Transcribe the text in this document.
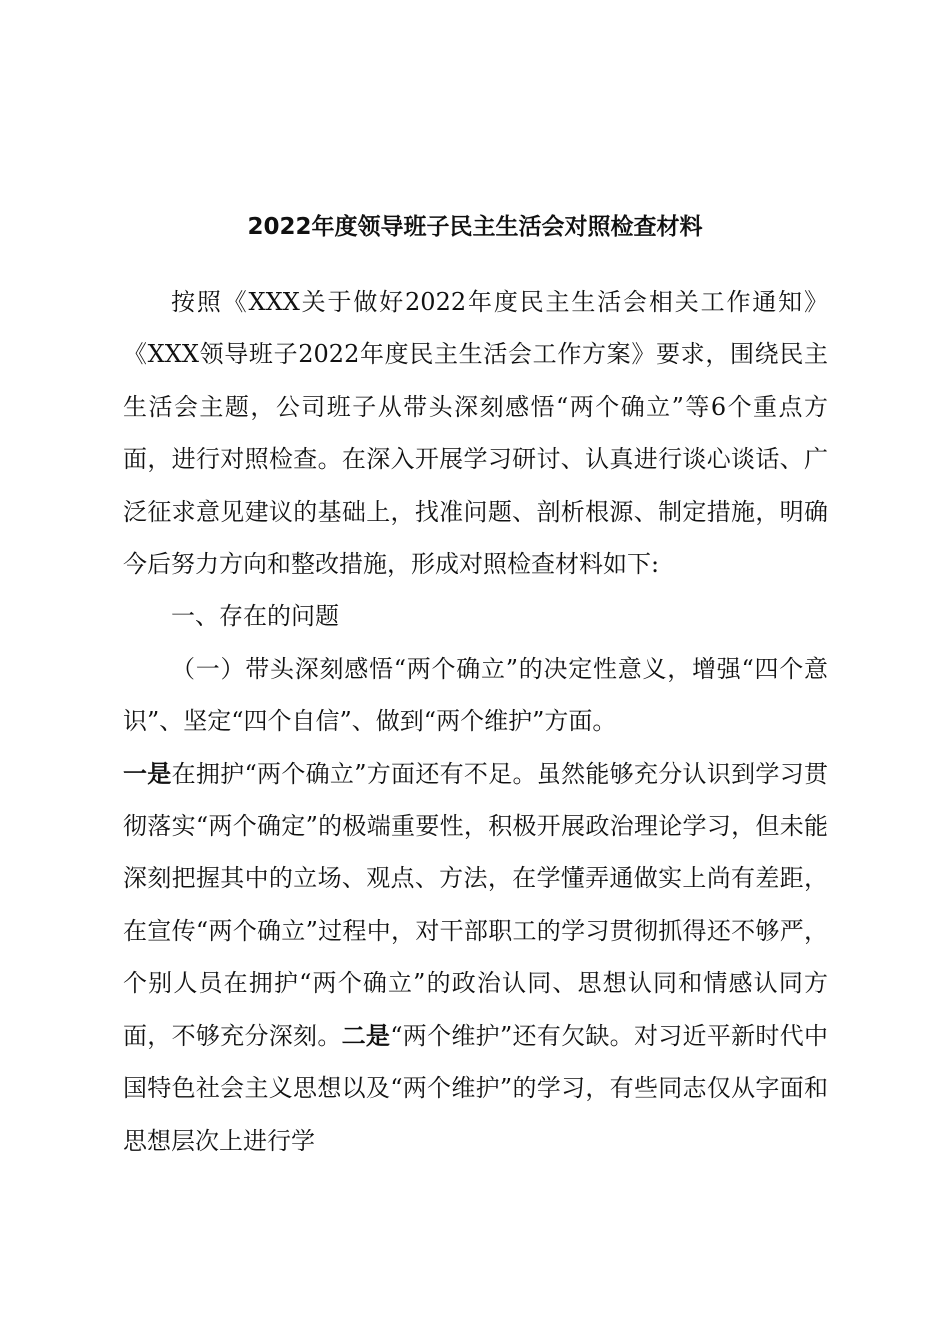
2022年度领导班子民主生活会对照检查材料

按照《XXX关于做好2022年度民主生活会相关工作通知》《XXX领导班子2022年度民主生活会工作方案》要求，围绕民主生活会主题，公司班子从带头深刻感悟“两个确立”等6个重点方面，进行对照检查。在深入开展学习研讨、认真进行谈心谈话、广泛征求意见建议的基础上，找准问题、剖析根源、制定措施，明确今后努力方向和整改措施，形成对照检查材料如下:

一、存在的问题

（一）带头深刻感悟“两个确立”的决定性意义，增强“四个意识”、坚定“四个自信”、做到“两个维护”方面。

一是在拥护“两个确立”方面还有不足。虽然能够充分认识到学习贯彻落实“两个确定”的极端重要性，积极开展政治理论学习，但未能深刻把握其中的立场、观点、方法，在学懂弄通做实上尚有差距，在宣传“两个确立”过程中，对干部职工的学习贯彻抓得还不够严，个别人员在拥护“两个确立”的政治认同、思想认同和情感认同方面，不够充分深刻。二是“两个维护”还有欠缺。对习近平新时代中国特色社会主义思想以及“两个维护”的学习，有些同志仅从字面和思想层次上进行学
